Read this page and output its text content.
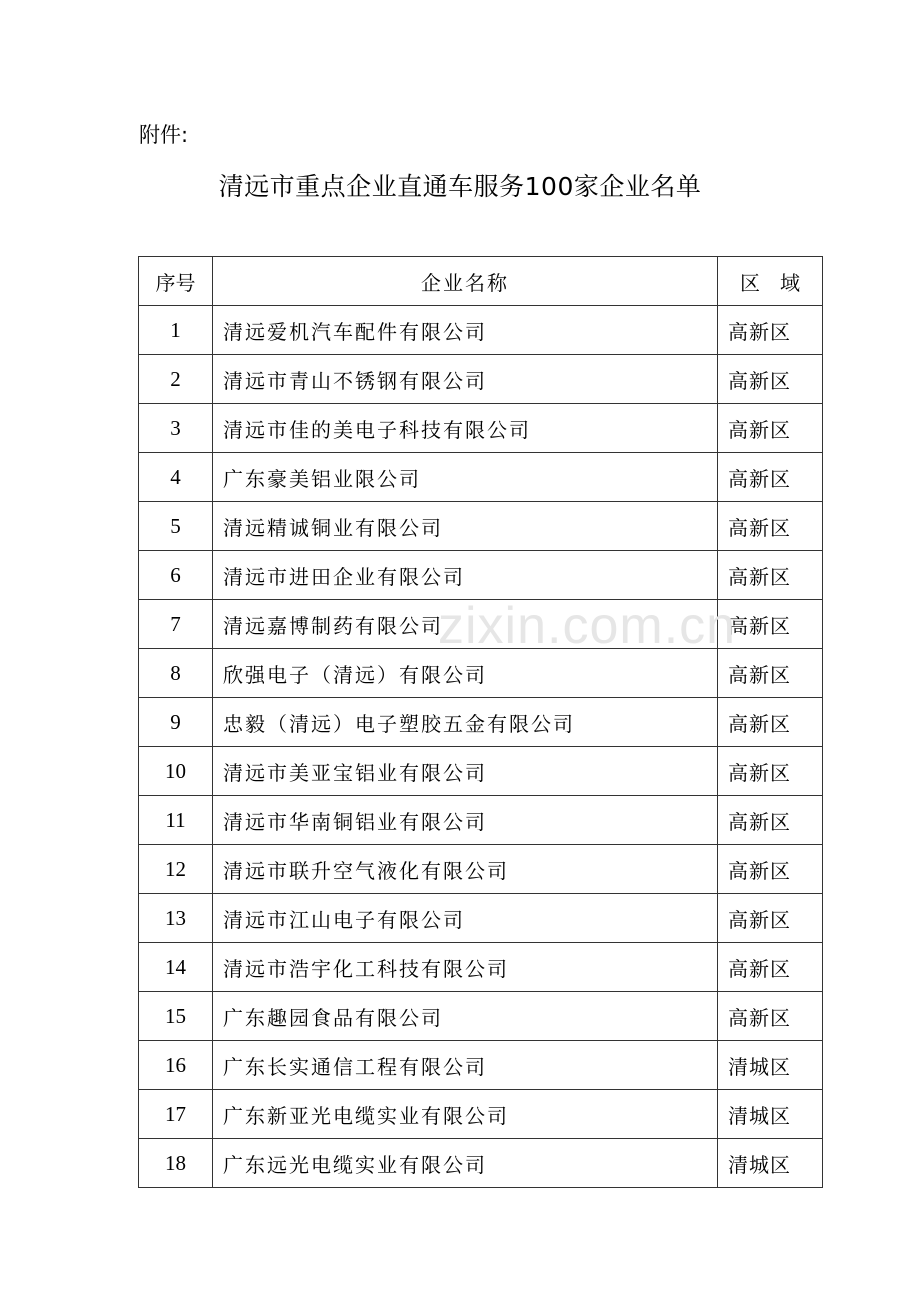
附件:
清远市重点企业直通车服务100家企业名单
序号	企业名称	区　域
1	清远爱机汽车配件有限公司	高新区
2	清远市青山不锈钢有限公司	高新区
3	清远市佳的美电子科技有限公司	高新区
4	广东豪美铝业限公司	高新区
5	清远精诚铜业有限公司	高新区
6	清远市进田企业有限公司	高新区
7	清远嘉博制药有限公司	高新区
8	欣强电子（清远）有限公司	高新区
9	忠毅（清远）电子塑胶五金有限公司	高新区
10	清远市美亚宝铝业有限公司	高新区
11	清远市华南铜铝业有限公司	高新区
12	清远市联升空气液化有限公司	高新区
13	清远市江山电子有限公司	高新区
14	清远市浩宇化工科技有限公司	高新区
15	广东趣园食品有限公司	高新区
16	广东长实通信工程有限公司	清城区
17	广东新亚光电缆实业有限公司	清城区
18	广东远光电缆实业有限公司	清城区
zixin.com.cn
